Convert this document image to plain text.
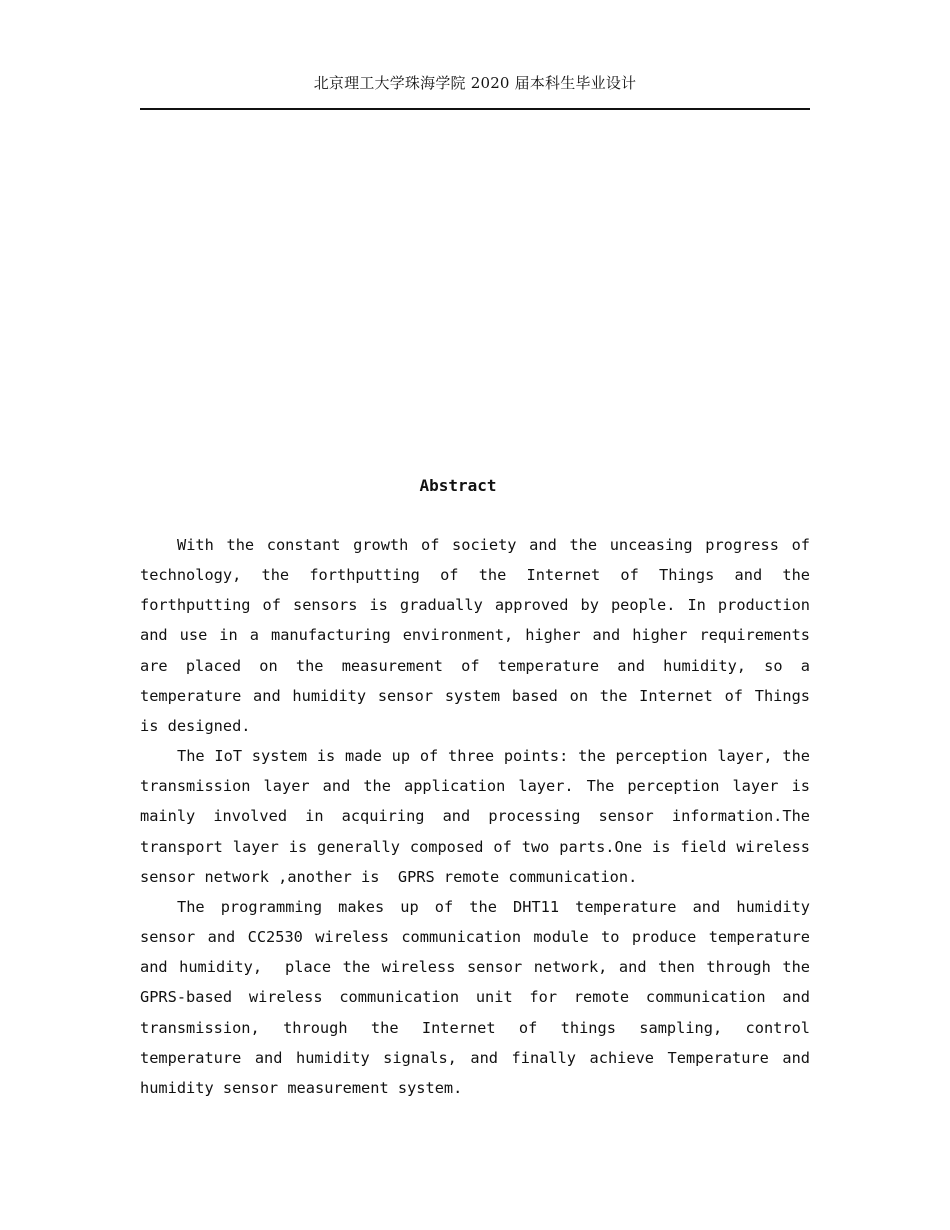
北京理工大学珠海学院 2020 届本科生毕业设计
Abstract

With the constant growth of society and the unceasing progress of technology, the forthputting of the Internet of Things and the forthputting of sensors is gradually approved by people. In production and use in a manufacturing environment, higher and higher requirements are placed on the measurement of temperature and humidity, so a temperature and humidity sensor system based on the Internet of Things is designed.

The IoT system is made up of three points: the perception layer, the transmission layer and the application layer. The perception layer is mainly involved in acquiring and processing sensor information.The transport layer is generally composed of two parts.One is field wireless sensor network ,another is  GPRS remote communication.

The programming makes up of the DHT11 temperature and humidity sensor and CC2530 wireless communication module to produce temperature and humidity,  place the wireless sensor network, and then through the GPRS-based wireless communication unit for remote communication and transmission, through the Internet of things sampling, control temperature and humidity signals, and finally achieve Temperature and humidity sensor measurement system.
